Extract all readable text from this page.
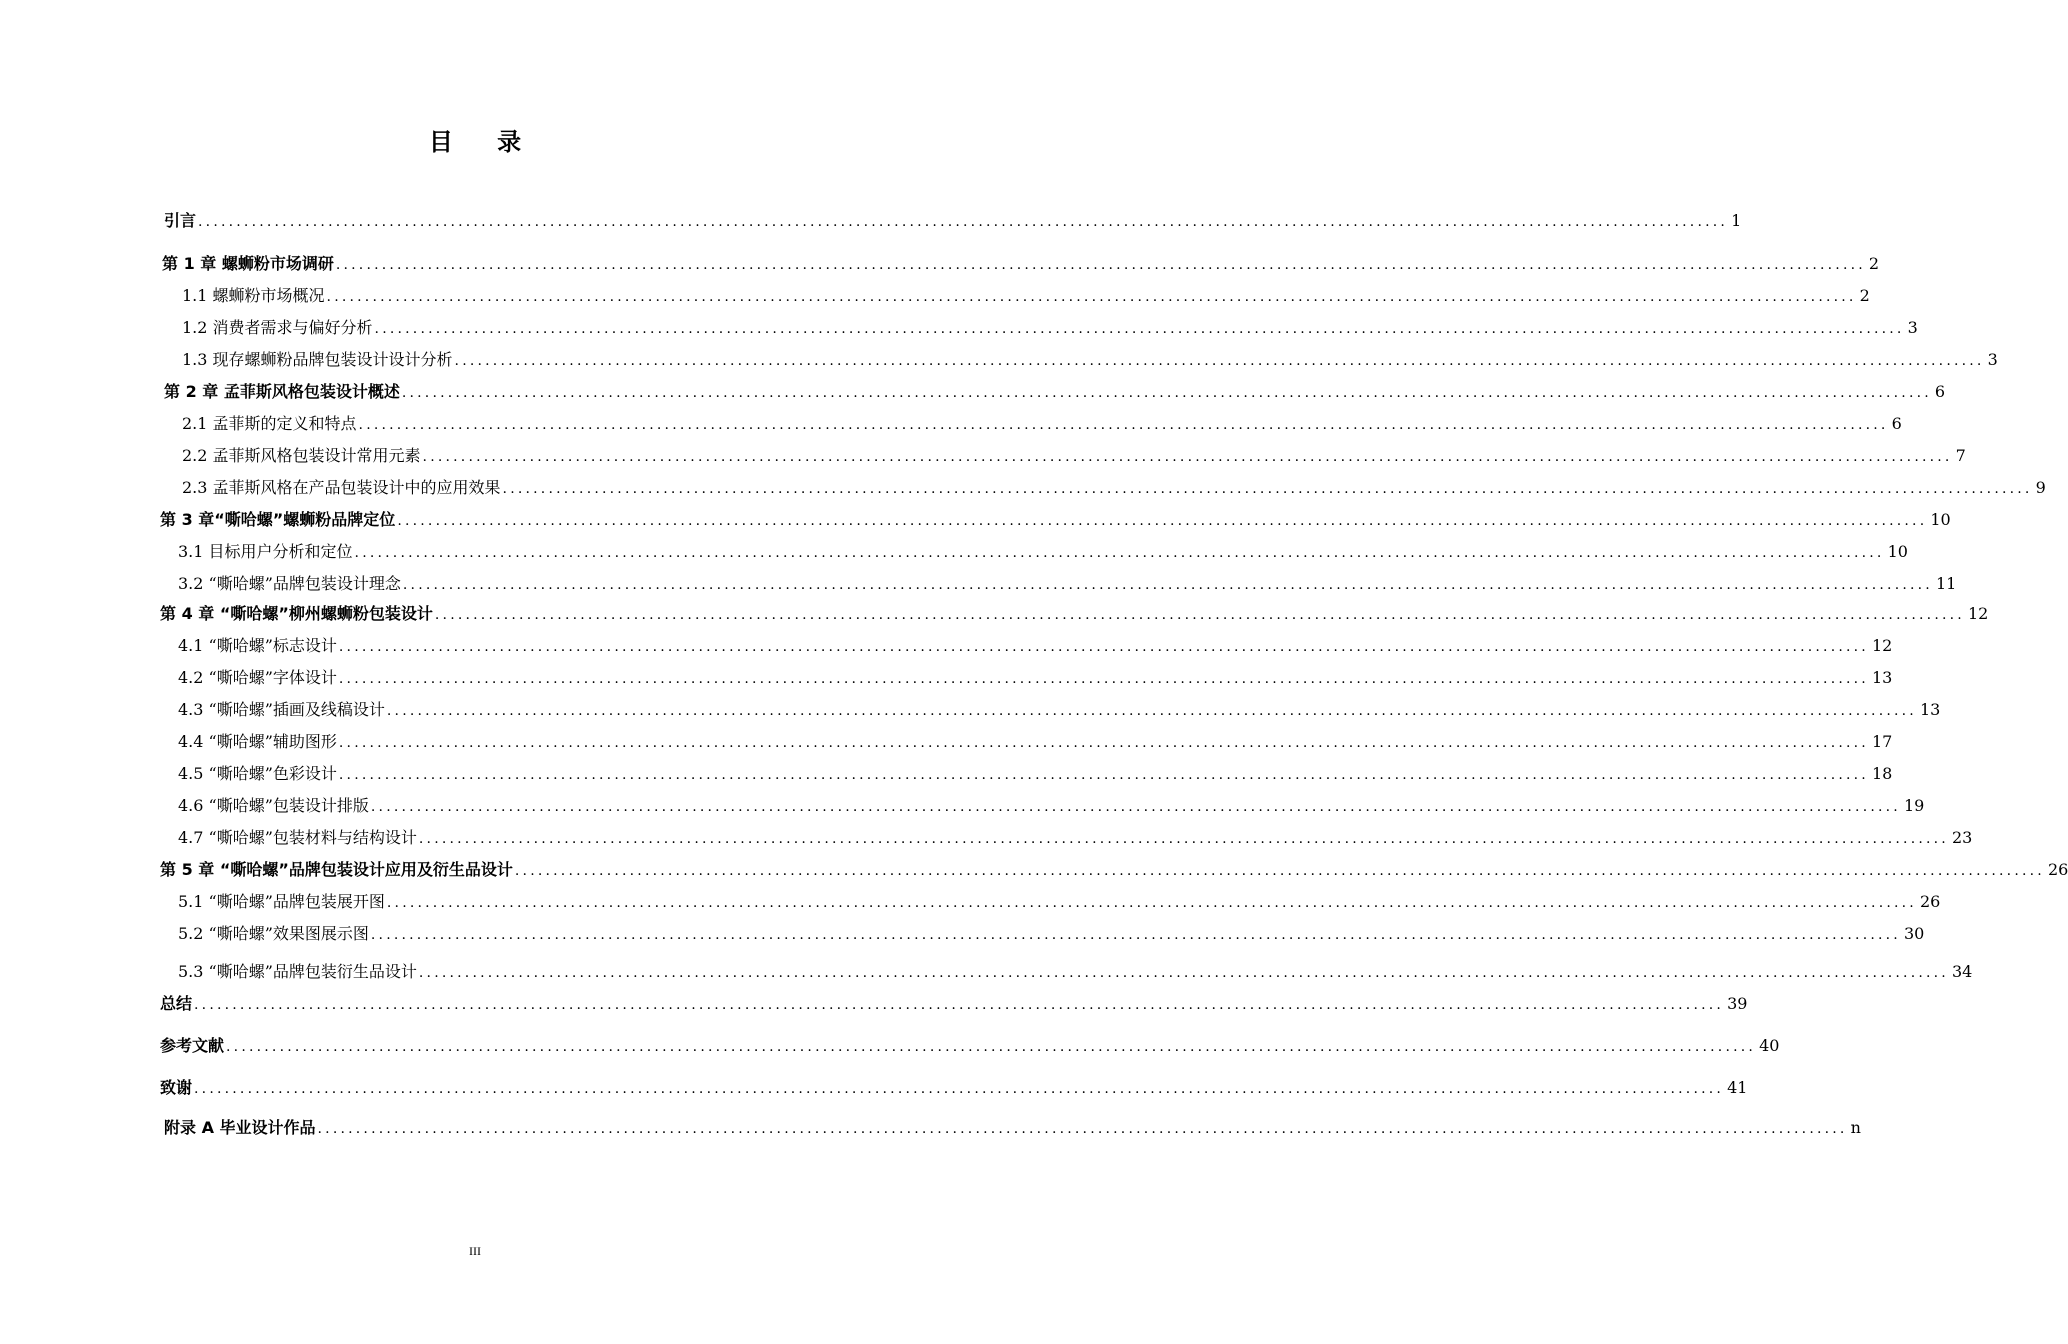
目 录
引言 ........................................................................................................................................................................................................ 1
第 1 章 螺蛳粉市场调研 ........................................................................................................................................................................................................ 2
1.1 螺蛳粉市场概况 ........................................................................................................................................................................................................ 2
1.2 消费者需求与偏好分析 ........................................................................................................................................................................................................ 3
1.3 现存螺蛳粉品牌包装设计设计分析 ........................................................................................................................................................................................................ 3
第 2 章 孟菲斯风格包装设计概述 ........................................................................................................................................................................................................ 6
2.1 孟菲斯的定义和特点 ........................................................................................................................................................................................................ 6
2.2 孟菲斯风格包装设计常用元素 ........................................................................................................................................................................................................ 7
2.3 孟菲斯风格在产品包装设计中的应用效果 ........................................................................................................................................................................................................ 9
第 3 章“嘶哈螺”螺蛳粉品牌定位 ........................................................................................................................................................................................................ 10
3.1 目标用户分析和定位 ........................................................................................................................................................................................................ 10
3.2 “嘶哈螺”品牌包装设计理念 ........................................................................................................................................................................................................ 11
第 4 章 “嘶哈螺”柳州螺蛳粉包装设计 ........................................................................................................................................................................................................ 12
4.1 “嘶哈螺”标志设计 ........................................................................................................................................................................................................ 12
4.2 “嘶哈螺”字体设计 ........................................................................................................................................................................................................ 13
4.3 “嘶哈螺”插画及线稿设计 ........................................................................................................................................................................................................ 13
4.4 “嘶哈螺”辅助图形 ........................................................................................................................................................................................................ 17
4.5 “嘶哈螺”色彩设计 ........................................................................................................................................................................................................ 18
4.6 “嘶哈螺”包装设计排版 ........................................................................................................................................................................................................ 19
4.7 “嘶哈螺”包装材料与结构设计 ........................................................................................................................................................................................................ 23
第 5 章 “嘶哈螺”品牌包装设计应用及衍生品设计 ........................................................................................................................................................................................................ 26
5.1 “嘶哈螺”品牌包装展开图 ........................................................................................................................................................................................................ 26
5.2 “嘶哈螺”效果图展示图 ........................................................................................................................................................................................................ 30
5.3 “嘶哈螺”品牌包装衍生品设计 ........................................................................................................................................................................................................ 34
总结 ........................................................................................................................................................................................................ 39
参考文献 ........................................................................................................................................................................................................ 40
致谢 ........................................................................................................................................................................................................ 41
附录 A 毕业设计作品 ........................................................................................................................................................................................................ n
III
